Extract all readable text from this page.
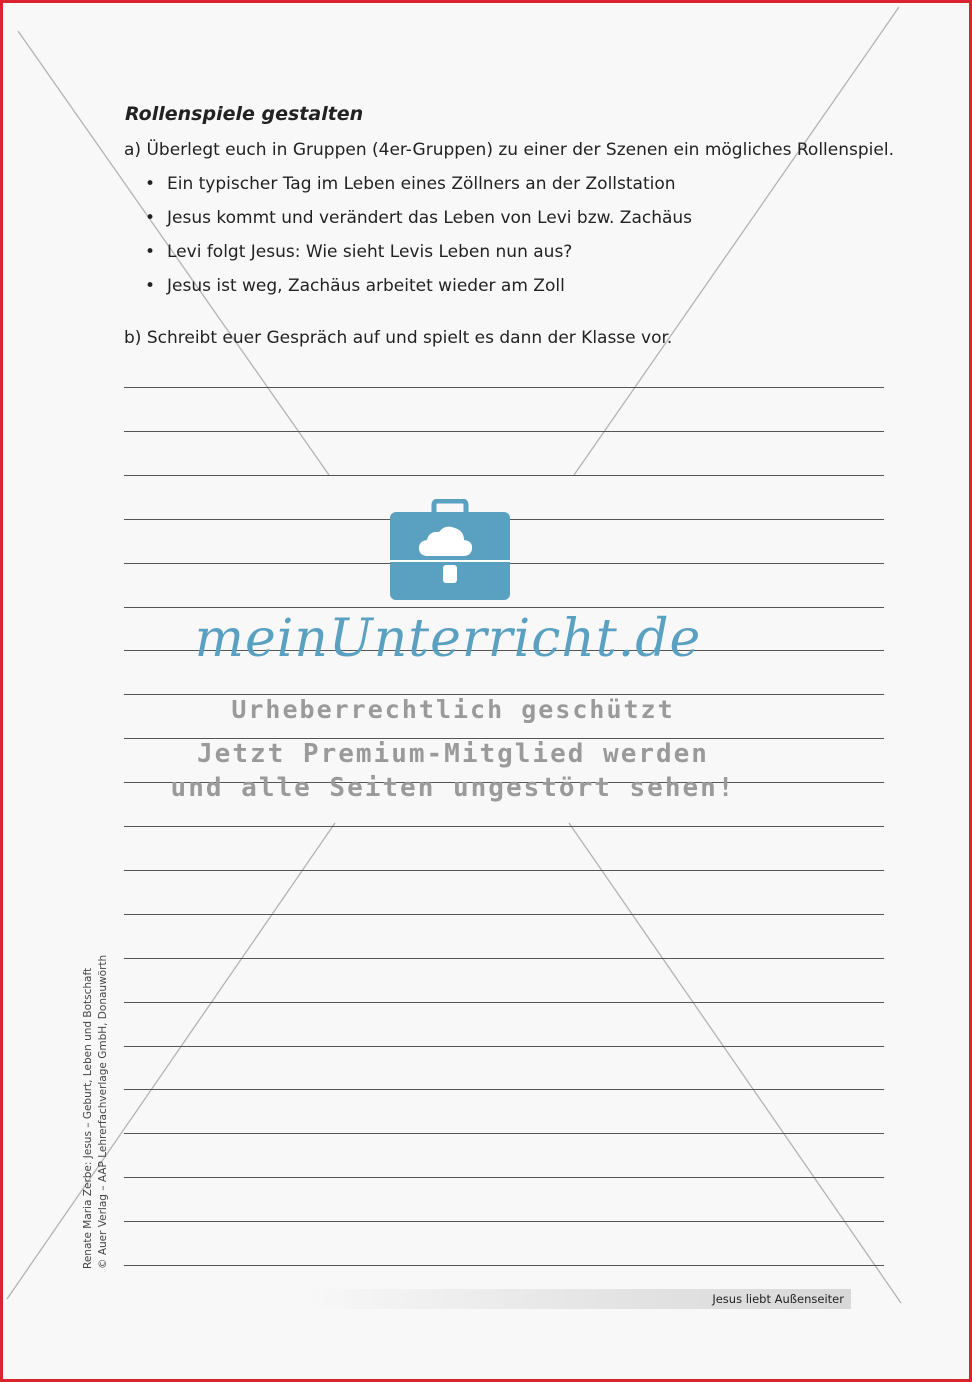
Rollenspiele gestalten
a) Überlegt euch in Gruppen (4er-Gruppen) zu einer der Szenen ein mögliches Rollenspiel.
• Ein typischer Tag im Leben eines Zöllners an der Zollstation
• Jesus kommt und verändert das Leben von Levi bzw. Zachäus
• Levi folgt Jesus: Wie sieht Levis Leben nun aus?
• Jesus ist weg, Zachäus arbeitet wieder am Zoll
b) Schreibt euer Gespräch auf und spielt es dann der Klasse vor.
Renate Maria Zerbe: Jesus – Geburt, Leben und Botschaft © Auer Verlag – AAP Lehrerfachverlage GmbH, Donauwörth
Jesus liebt Außenseiter
meinUnterricht.de
Urheberrechtlich geschützt
Jetzt Premium-Mitglied werden
und alle Seiten ungestört sehen!
